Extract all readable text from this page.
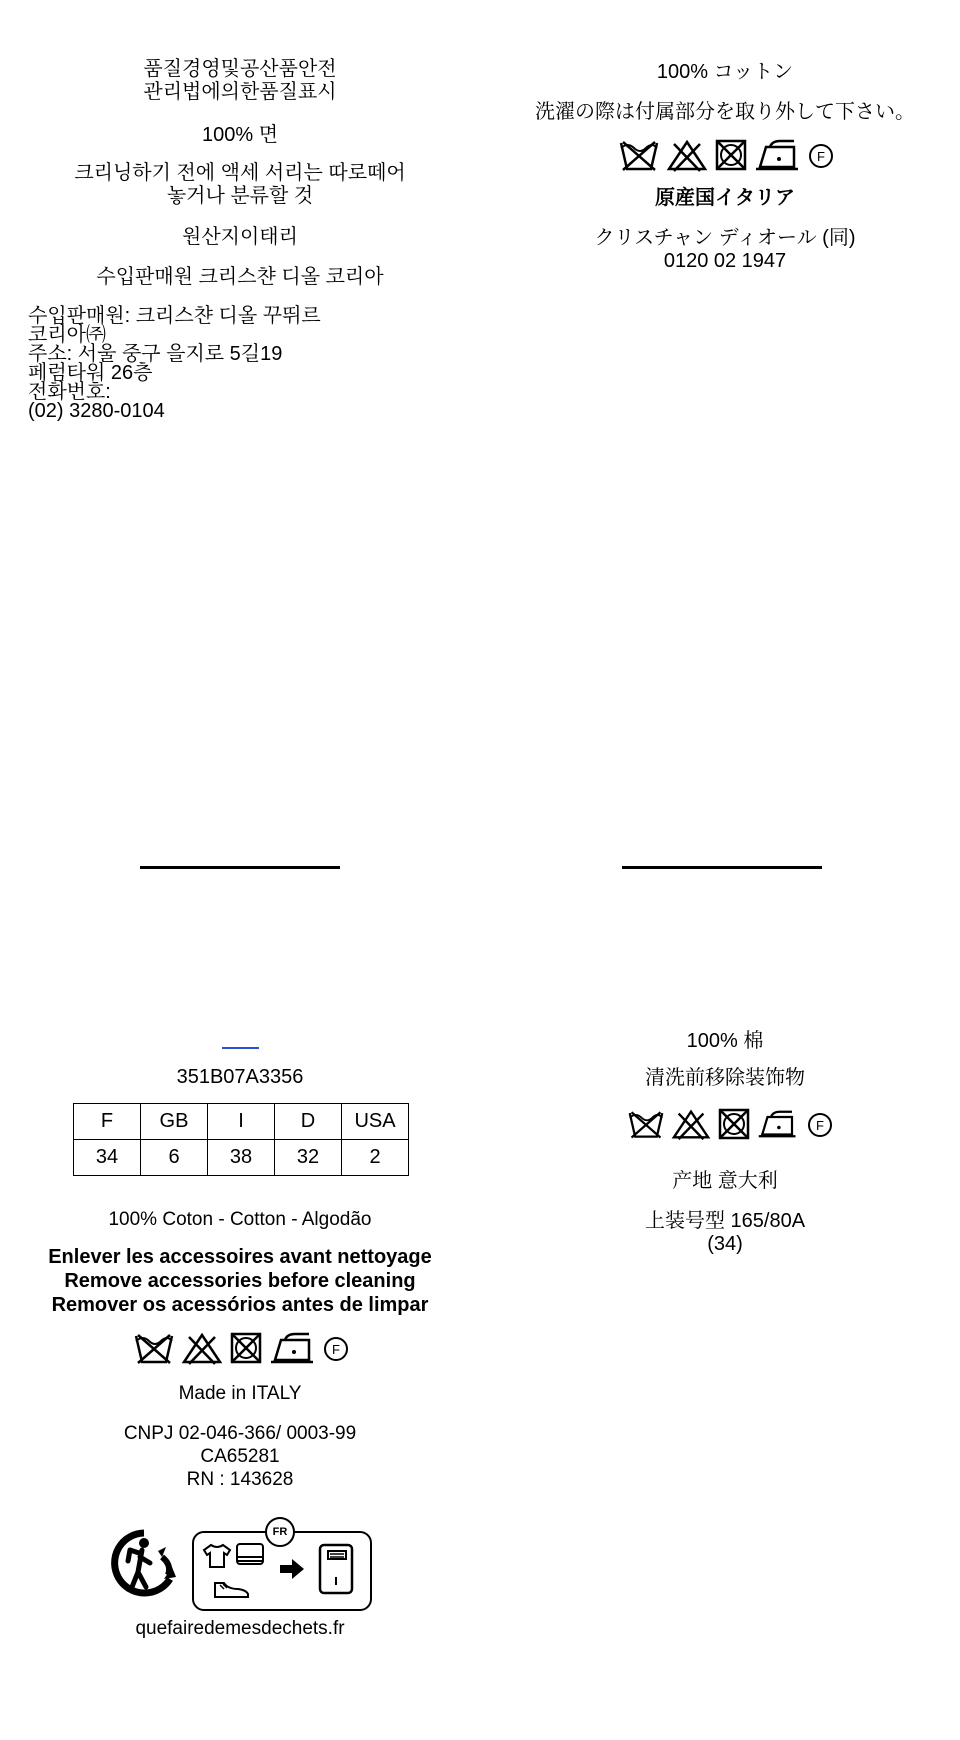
품질경영및공산품안전
관리법에의한품질표시
100% 면
크리닝하기 전에 액세 서리는 따로떼어
놓거나 분류할 것
원산지이태리
수입판매원 크리스챤 디올 코리아
수입판매원: 크리스챤 디올 꾸뛰르
코리아㈜
주소: 서울 중구 을지로 5길19
페럼타워 26층
전화번호:
(02) 3280-0104
100% コットン
洗濯の際は付属部分を取り外して下さい。
F
原産国イタリア
クリスチャン ディオール (同)
0120 02 1947
351B07A3356
F	GB	I	D	USA
34	6	38	32	2
100% Coton - Cotton - Algodão
Enlever les accessoires avant nettoyage
Remove accessories before cleaning
Remover os acessórios antes de limpar
F
Made in ITALY
CNPJ 02-046-366/ 0003-99
CA65281
RN : 143628
FR
quefairedemesdechets.fr
100% 棉
清洗前移除装饰物
F
产地 意大利
上装号型 165/80A
(34)
